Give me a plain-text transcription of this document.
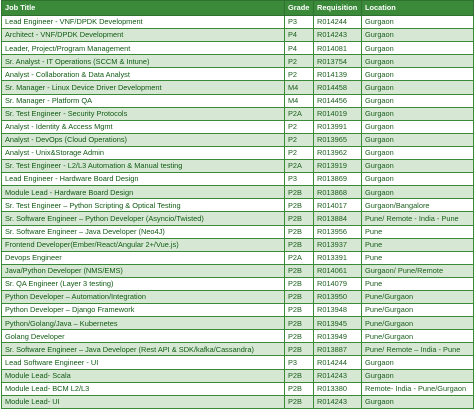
Job Title	Grade	Requisition	Location
Lead Engineer - VNF/DPDK Development	P3	R014244	Gurgaon
Architect - VNF/DPDK Development	P4	R014243	Gurgaon
Leader, Project/Program Management	P4	R014081	Gurgaon
Sr. Analyst - IT Operations (SCCM & Intune)	P2	R013754	Gurgaon
Analyst - Collaboration & Data Analyst	P2	R014139	Gurgaon
Sr. Manager - Linux Device Driver Development	M4	R014458	Gurgaon
Sr. Manager - Platform QA	M4	R014456	Gurgaon
Sr. Test Engineer - Security Protocols	P2A	R014019	Gurgaon
Analyst - Identity & Access Mgmt	P2	R013991	Gurgaon
Analyst - DevOps (Cloud Operations)	P2	R013965	Gurgaon
Analyst - Unix&Storage Admin	P2	R013962	Gurgaon
Sr. Test Engineer - L2/L3 Automation & Manual testing	P2A	R013919	Gurgaon
Lead Engineer - Hardware Board Design	P3	R013869	Gurgaon
Module Lead - Hardware Board Design	P2B	R013868	Gurgaon
Sr. Test Engineer – Python Scripting & Optical Testing	P2B	R014017	Gurgaon/Bangalore
Sr. Software Engineer – Python Developer (Asyncio/Twisted)	P2B	R013884	Pune/ Remote - India - Pune
Sr. Software Engineer – Java Developer (Neo4J)	P2B	R013956	Pune
Frontend Developer(Ember/React/Angular 2+/Vue.js)	P2B	R013937	Pune
Devops Engineer	P2A	R013391	Pune
Java/Python Developer (NMS/EMS)	P2B	R014061	Gurgaon/ Pune/Remote
Sr. QA Engineer (Layer 3 testing)	P2B	R014079	Pune
Python Developer – Automation/Integration	P2B	R013950	Pune/Gurgaon
Python Developer – Django Framework	P2B	R013948	Pune/Gurgaon
Python/Golang/Java – Kubernetes	P2B	R013945	Pune/Gurgaon
Golang Developer	P2B	R013949	Pune/Gurgaon
Sr. Software Engineer – Java Developer (Rest API & SDK/kafka/Cassandra)	P2B	R013887	Pune/ Remote – India - Pune
Lead Software Engineer - UI	P3	R014244	Gurgaon
Module Lead- Scala	P2B	R014243	Gurgaon
Module Lead- BCM L2/L3	P2B	R013380	Remote- India - Pune/Gurgaon
Module Lead- UI	P2B	R014243	Gurgaon
